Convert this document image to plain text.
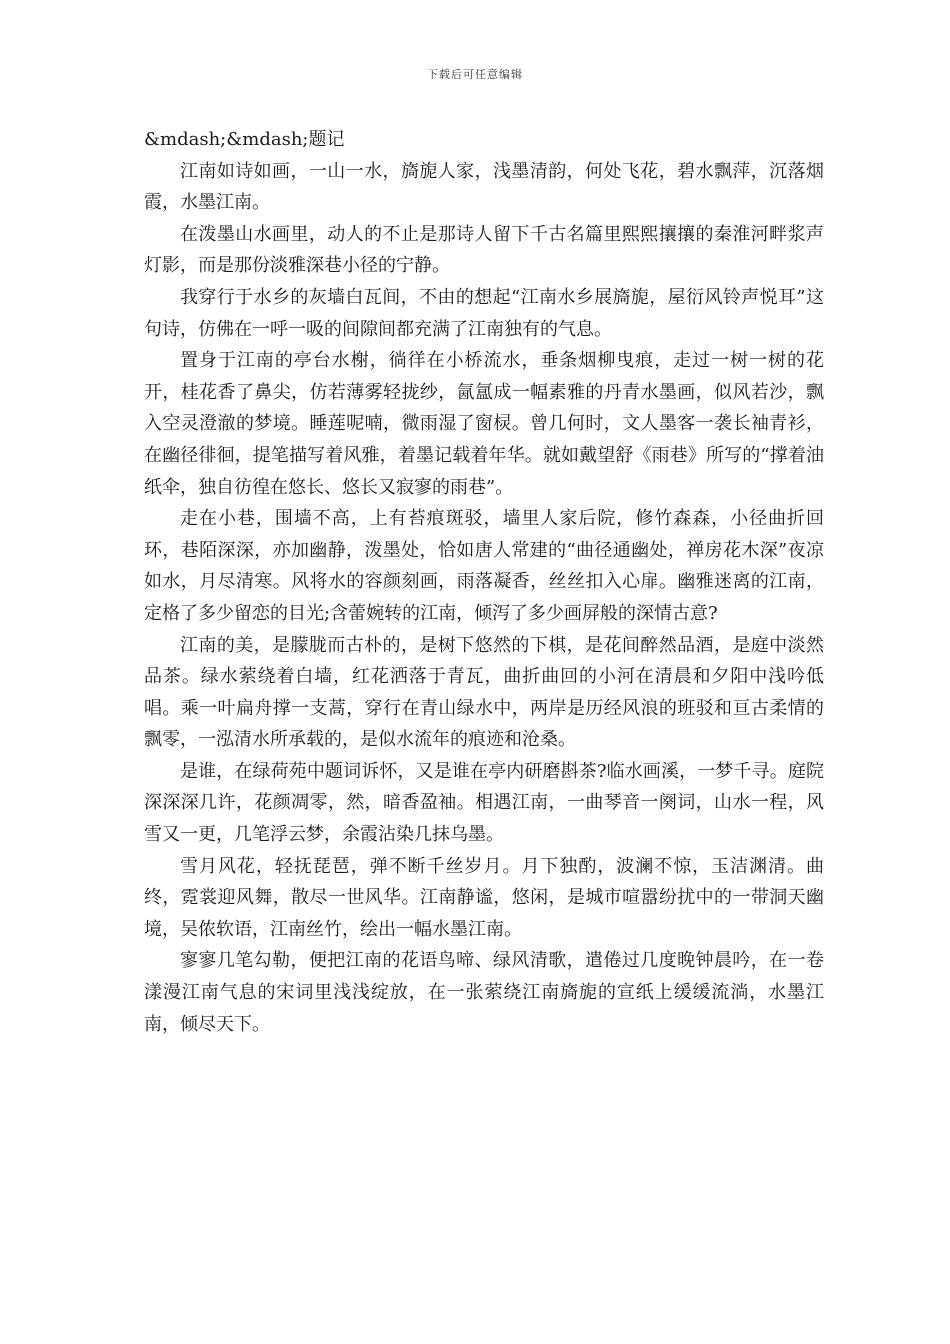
下载后可任意编辑

&mdash;&mdash;题记

江南如诗如画，一山一水，旖旎人家，浅墨清韵，何处飞花，碧水飘萍，沉落烟霞，水墨江南。

在泼墨山水画里，动人的不止是那诗人留下千古名篇里熙熙攘攘的秦淮河畔浆声灯影，而是那份淡雅深巷小径的宁静。

我穿行于水乡的灰墙白瓦间，不由的想起“江南水乡展旖旎，屋衍风铃声悦耳”这句诗，仿佛在一呼一吸的间隙间都充满了江南独有的气息。

置身于江南的亭台水榭，徜徉在小桥流水，垂条烟柳曳痕，走过一树一树的花开，桂花香了鼻尖，仿若薄雾轻拢纱，氤氲成一幅素雅的丹青水墨画，似风若沙，飘入空灵澄澈的梦境。睡莲呢喃，微雨湿了窗棂。曾几何时，文人墨客一袭长袖青衫，在幽径徘徊，提笔描写着风雅，着墨记载着年华。就如戴望舒《雨巷》所写的“撑着油纸伞，独自彷徨在悠长、悠长又寂寥的雨巷”。

走在小巷，围墙不高，上有苔痕斑驳，墙里人家后院，修竹森森，小径曲折回环，巷陌深深，亦加幽静，泼墨处，恰如唐人常建的“曲径通幽处，禅房花木深”夜凉如水，月尽清寒。风将水的容颜刻画，雨落凝香，丝丝扣入心扉。幽雅迷离的江南，定格了多少留恋的目光;含蕾婉转的江南，倾泻了多少画屏般的深情古意?

江南的美，是朦胧而古朴的，是树下悠然的下棋，是花间醉然品酒，是庭中淡然品茶。绿水萦绕着白墙，红花洒落于青瓦，曲折曲回的小河在清晨和夕阳中浅吟低唱。乘一叶扁舟撑一支蒿，穿行在青山绿水中，两岸是历经风浪的班驳和亘古柔情的飘零，一泓清水所承载的，是似水流年的痕迹和沧桑。

是谁，在绿荷苑中题词诉怀，又是谁在亭内研磨斟茶?临水画溪，一梦千寻。庭院深深深几许，花颜凋零，然，暗香盈袖。相遇江南，一曲琴音一阕词，山水一程，风雪又一更，几笔浮云梦，余霞沾染几抹乌墨。

雪月风花，轻抚琵琶，弹不断千丝岁月。月下独酌，波澜不惊，玉洁渊清。曲终，霓裳迎风舞，散尽一世风华。江南静谧，悠闲，是城市喧嚣纷扰中的一带洞天幽境，吴侬软语，江南丝竹，绘出一幅水墨江南。

寥寥几笔勾勒，便把江南的花语鸟啼、绿风清歌，遣倦过几度晚钟晨吟，在一卷漾漫江南气息的宋词里浅浅绽放，在一张萦绕江南旖旎的宣纸上缓缓流淌，水墨江南，倾尽天下。
